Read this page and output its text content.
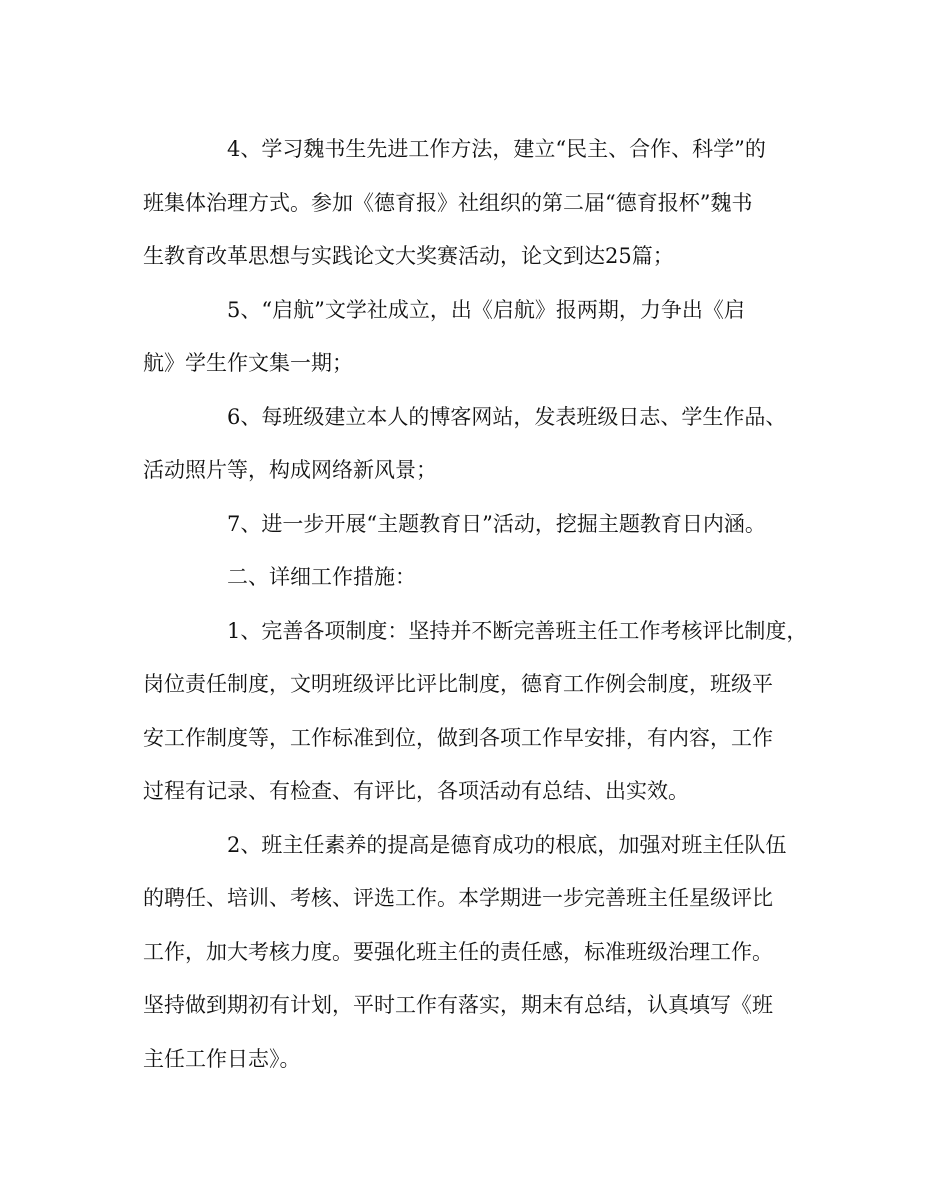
4、学习魏书生先进工作方法，建立“民主、合作、科学”的
班集体治理方式。参加《德育报》社组织的第二届“德育报杯”魏书
生教育改革思想与实践论文大奖赛活动，论文到达25篇；

5、“启航”文学社成立，出《启航》报两期，力争出《启
航》学生作文集一期；

6、每班级建立本人的博客网站，发表班级日志、学生作品、
活动照片等，构成网络新风景；

7、进一步开展“主题教育日”活动，挖掘主题教育日内涵。

二、详细工作措施：

1、完善各项制度：坚持并不断完善班主任工作考核评比制度，
岗位责任制度，文明班级评比评比制度，德育工作例会制度，班级平
安工作制度等，工作标准到位，做到各项工作早安排，有内容，工作
过程有记录、有检查、有评比，各项活动有总结、出实效。

2、班主任素养的提高是德育成功的根底，加强对班主任队伍
的聘任、培训、考核、评选工作。本学期进一步完善班主任星级评比
工作，加大考核力度。要强化班主任的责任感，标准班级治理工作。
坚持做到期初有计划，平时工作有落实，期末有总结，认真填写《班
主任工作日志》。
